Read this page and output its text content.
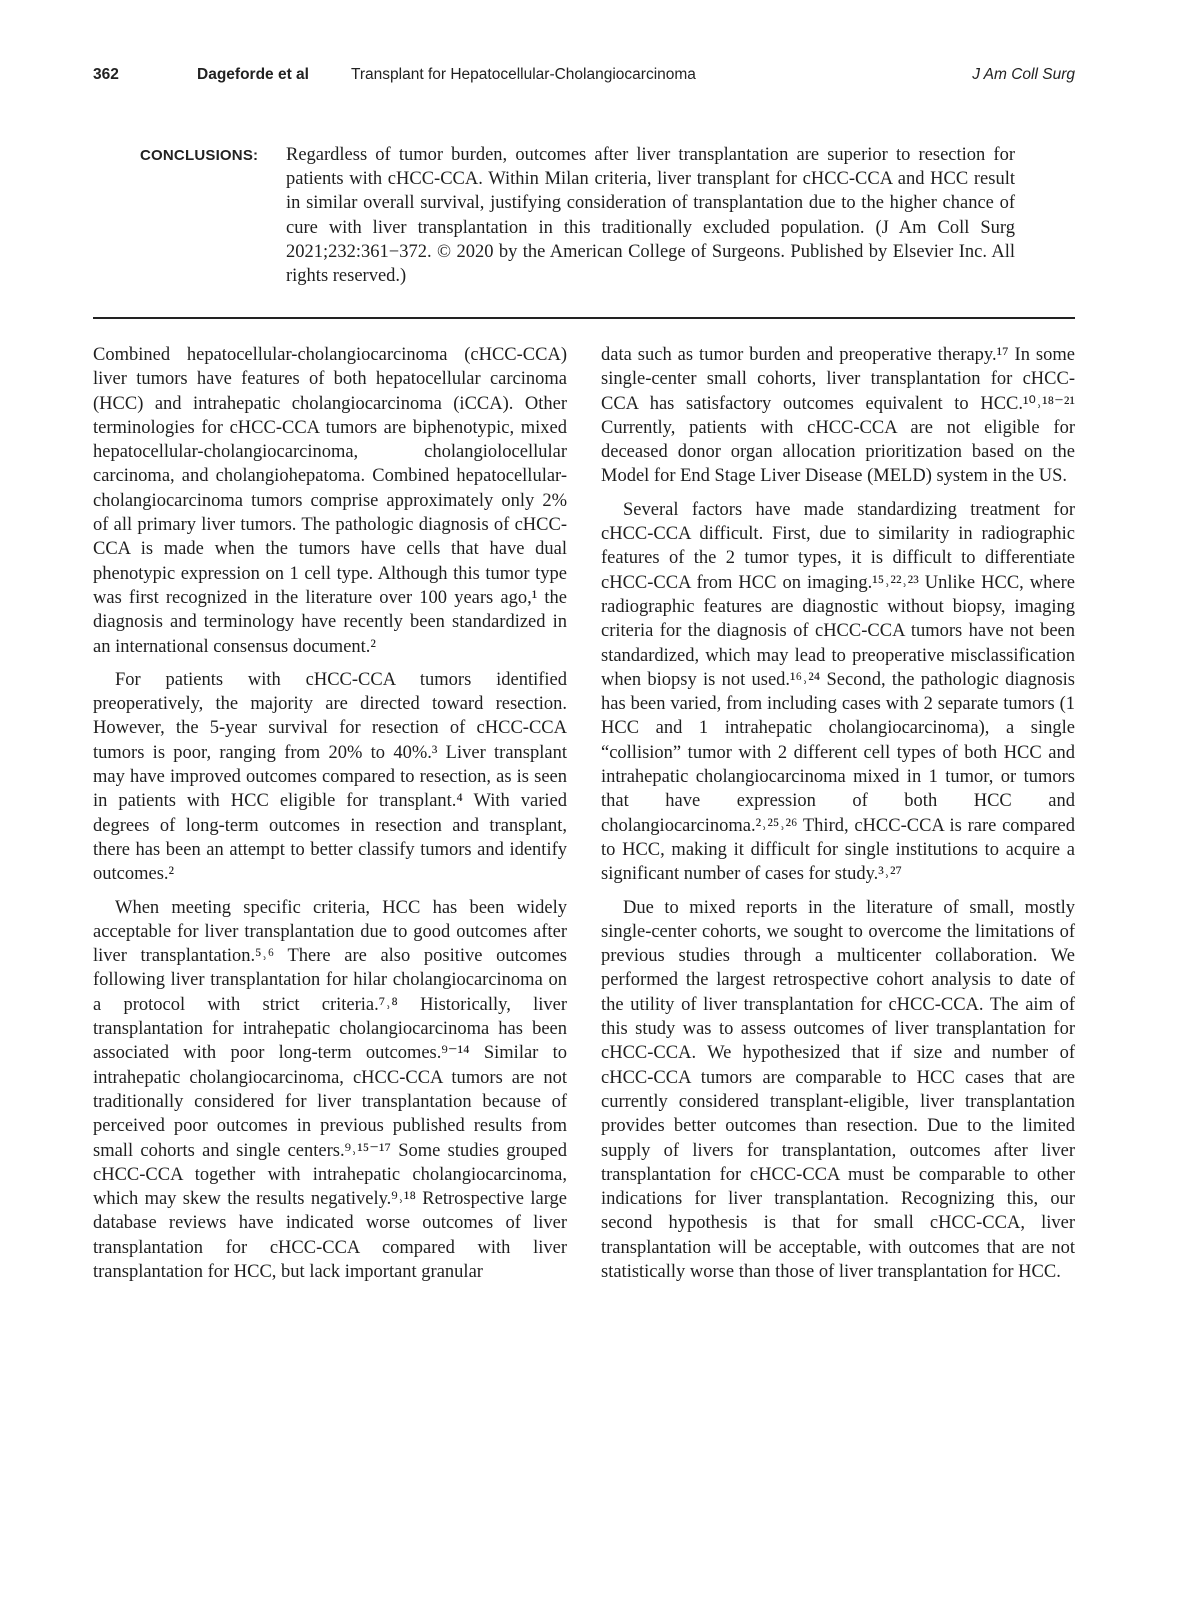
362	Dageforde et al	Transplant for Hepatocellular-Cholangiocarcinoma	J Am Coll Surg
CONCLUSIONS: Regardless of tumor burden, outcomes after liver transplantation are superior to resection for patients with cHCC-CCA. Within Milan criteria, liver transplant for cHCC-CCA and HCC result in similar overall survival, justifying consideration of transplantation due to the higher chance of cure with liver transplantation in this traditionally excluded population. (J Am Coll Surg 2021;232:361−372. © 2020 by the American College of Surgeons. Published by Elsevier Inc. All rights reserved.)

Combined hepatocellular-cholangiocarcinoma (cHCC-CCA) liver tumors have features of both hepatocellular carcinoma (HCC) and intrahepatic cholangiocarcinoma (iCCA). Other terminologies for cHCC-CCA tumors are biphenotypic, mixed hepatocellular-cholangiocarcinoma, cholangiolocellular carcinoma, and cholangiohepatoma. Combined hepatocellular-cholangiocarcinoma tumors comprise approximately only 2% of all primary liver tumors. The pathologic diagnosis of cHCC-CCA is made when the tumors have cells that have dual phenotypic expression on 1 cell type. Although this tumor type was first recognized in the literature over 100 years ago,¹ the diagnosis and terminology have recently been standardized in an international consensus document.²

For patients with cHCC-CCA tumors identified preoperatively, the majority are directed toward resection. However, the 5-year survival for resection of cHCC-CCA tumors is poor, ranging from 20% to 40%.³ Liver transplant may have improved outcomes compared to resection, as is seen in patients with HCC eligible for transplant.⁴ With varied degrees of long-term outcomes in resection and transplant, there has been an attempt to better classify tumors and identify outcomes.²

When meeting specific criteria, HCC has been widely acceptable for liver transplantation due to good outcomes after liver transplantation.⁵˒⁶ There are also positive outcomes following liver transplantation for hilar cholangiocarcinoma on a protocol with strict criteria.⁷˒⁸ Historically, liver transplantation for intrahepatic cholangiocarcinoma has been associated with poor long-term outcomes.⁹⁻¹⁴ Similar to intrahepatic cholangiocarcinoma, cHCC-CCA tumors are not traditionally considered for liver transplantation because of perceived poor outcomes in previous published results from small cohorts and single centers.⁹˒¹⁵⁻¹⁷ Some studies grouped cHCC-CCA together with intrahepatic cholangiocarcinoma, which may skew the results negatively.⁹˒¹⁸ Retrospective large database reviews have indicated worse outcomes of liver transplantation for cHCC-CCA compared with liver transplantation for HCC, but lack important granular

data such as tumor burden and preoperative therapy.¹⁷ In some single-center small cohorts, liver transplantation for cHCC-CCA has satisfactory outcomes equivalent to HCC.¹⁰˒¹⁸⁻²¹ Currently, patients with cHCC-CCA are not eligible for deceased donor organ allocation prioritization based on the Model for End Stage Liver Disease (MELD) system in the US.

Several factors have made standardizing treatment for cHCC-CCA difficult. First, due to similarity in radiographic features of the 2 tumor types, it is difficult to differentiate cHCC-CCA from HCC on imaging.¹⁵˒²²˒²³ Unlike HCC, where radiographic features are diagnostic without biopsy, imaging criteria for the diagnosis of cHCC-CCA tumors have not been standardized, which may lead to preoperative misclassification when biopsy is not used.¹⁶˒²⁴ Second, the pathologic diagnosis has been varied, from including cases with 2 separate tumors (1 HCC and 1 intrahepatic cholangiocarcinoma), a single “collision” tumor with 2 different cell types of both HCC and intrahepatic cholangiocarcinoma mixed in 1 tumor, or tumors that have expression of both HCC and cholangiocarcinoma.²˒²⁵˒²⁶ Third, cHCC-CCA is rare compared to HCC, making it difficult for single institutions to acquire a significant number of cases for study.³˒²⁷

Due to mixed reports in the literature of small, mostly single-center cohorts, we sought to overcome the limitations of previous studies through a multicenter collaboration. We performed the largest retrospective cohort analysis to date of the utility of liver transplantation for cHCC-CCA. The aim of this study was to assess outcomes of liver transplantation for cHCC-CCA. We hypothesized that if size and number of cHCC-CCA tumors are comparable to HCC cases that are currently considered transplant-eligible, liver transplantation provides better outcomes than resection. Due to the limited supply of livers for transplantation, outcomes after liver transplantation for cHCC-CCA must be comparable to other indications for liver transplantation. Recognizing this, our second hypothesis is that for small cHCC-CCA, liver transplantation will be acceptable, with outcomes that are not statistically worse than those of liver transplantation for HCC.
